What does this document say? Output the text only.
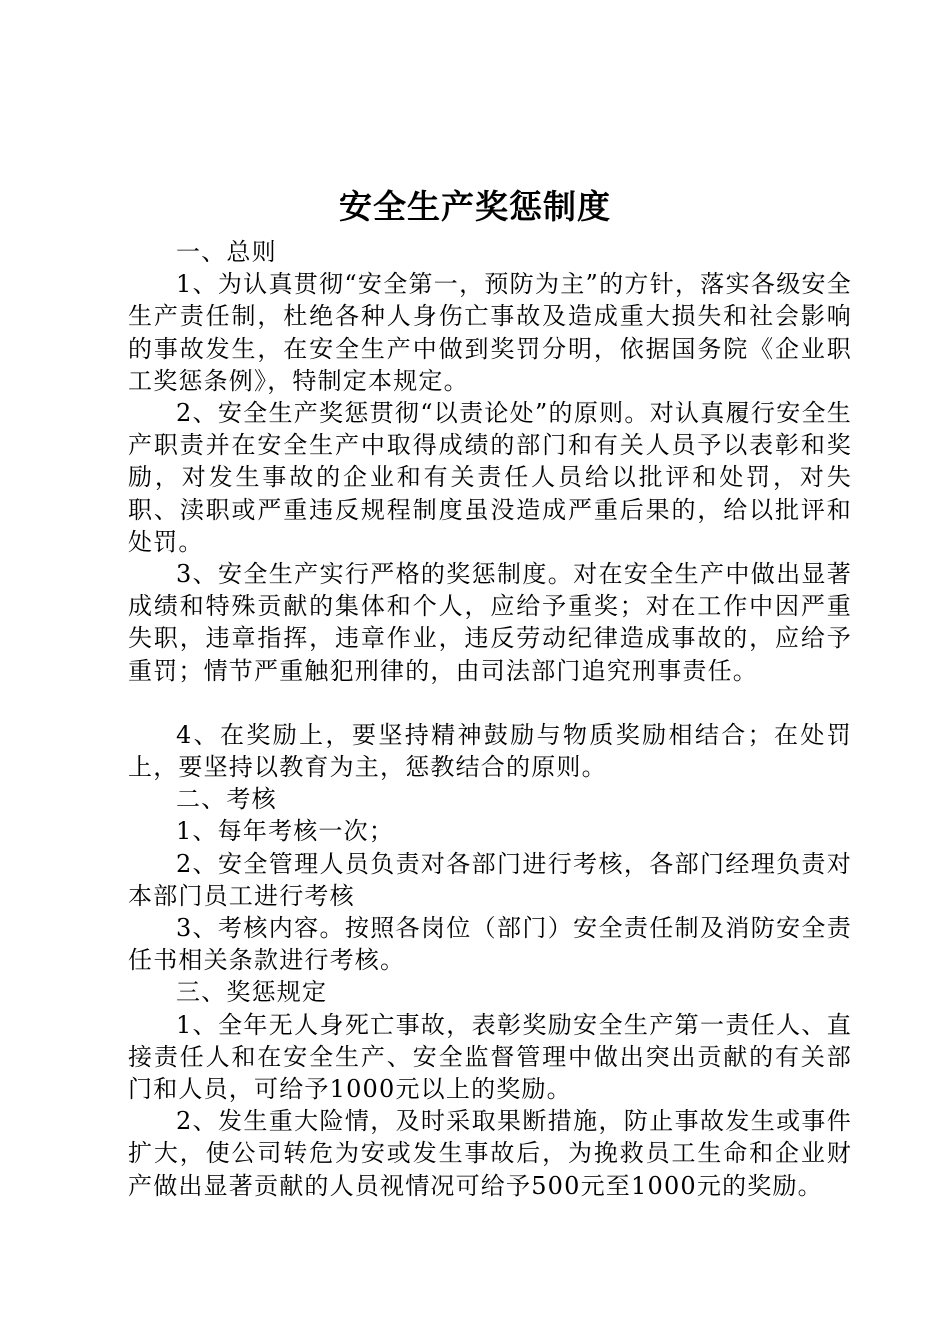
安全生产奖惩制度

一、总则

1、为认真贯彻“安全第一，预防为主”的方针，落实各级安全生产责任制，杜绝各种人身伤亡事故及造成重大损失和社会影响的事故发生，在安全生产中做到奖罚分明，依据国务院《企业职工奖惩条例》，特制定本规定。

2、安全生产奖惩贯彻“以责论处”的原则。对认真履行安全生产职责并在安全生产中取得成绩的部门和有关人员予以表彰和奖励，对发生事故的企业和有关责任人员给以批评和处罚，对失职、渎职或严重违反规程制度虽没造成严重后果的，给以批评和处罚。

3、安全生产实行严格的奖惩制度。对在安全生产中做出显著成绩和特殊贡献的集体和个人，应给予重奖；对在工作中因严重失职，违章指挥，违章作业，违反劳动纪律造成事故的，应给予重罚；情节严重触犯刑律的，由司法部门追究刑事责任。

4、在奖励上，要坚持精神鼓励与物质奖励相结合；在处罚上，要坚持以教育为主，惩教结合的原则。

二、考核

1、每年考核一次；

2、安全管理人员负责对各部门进行考核，各部门经理负责对本部门员工进行考核

3、考核内容。按照各岗位（部门）安全责任制及消防安全责任书相关条款进行考核。

三、奖惩规定

1、全年无人身死亡事故，表彰奖励安全生产第一责任人、直接责任人和在安全生产、安全监督管理中做出突出贡献的有关部门和人员，可给予1000元以上的奖励。

2、发生重大险情，及时采取果断措施，防止事故发生或事件扩大，使公司转危为安或发生事故后，为挽救员工生命和企业财产做出显著贡献的人员视情况可给予500元至1000元的奖励。
